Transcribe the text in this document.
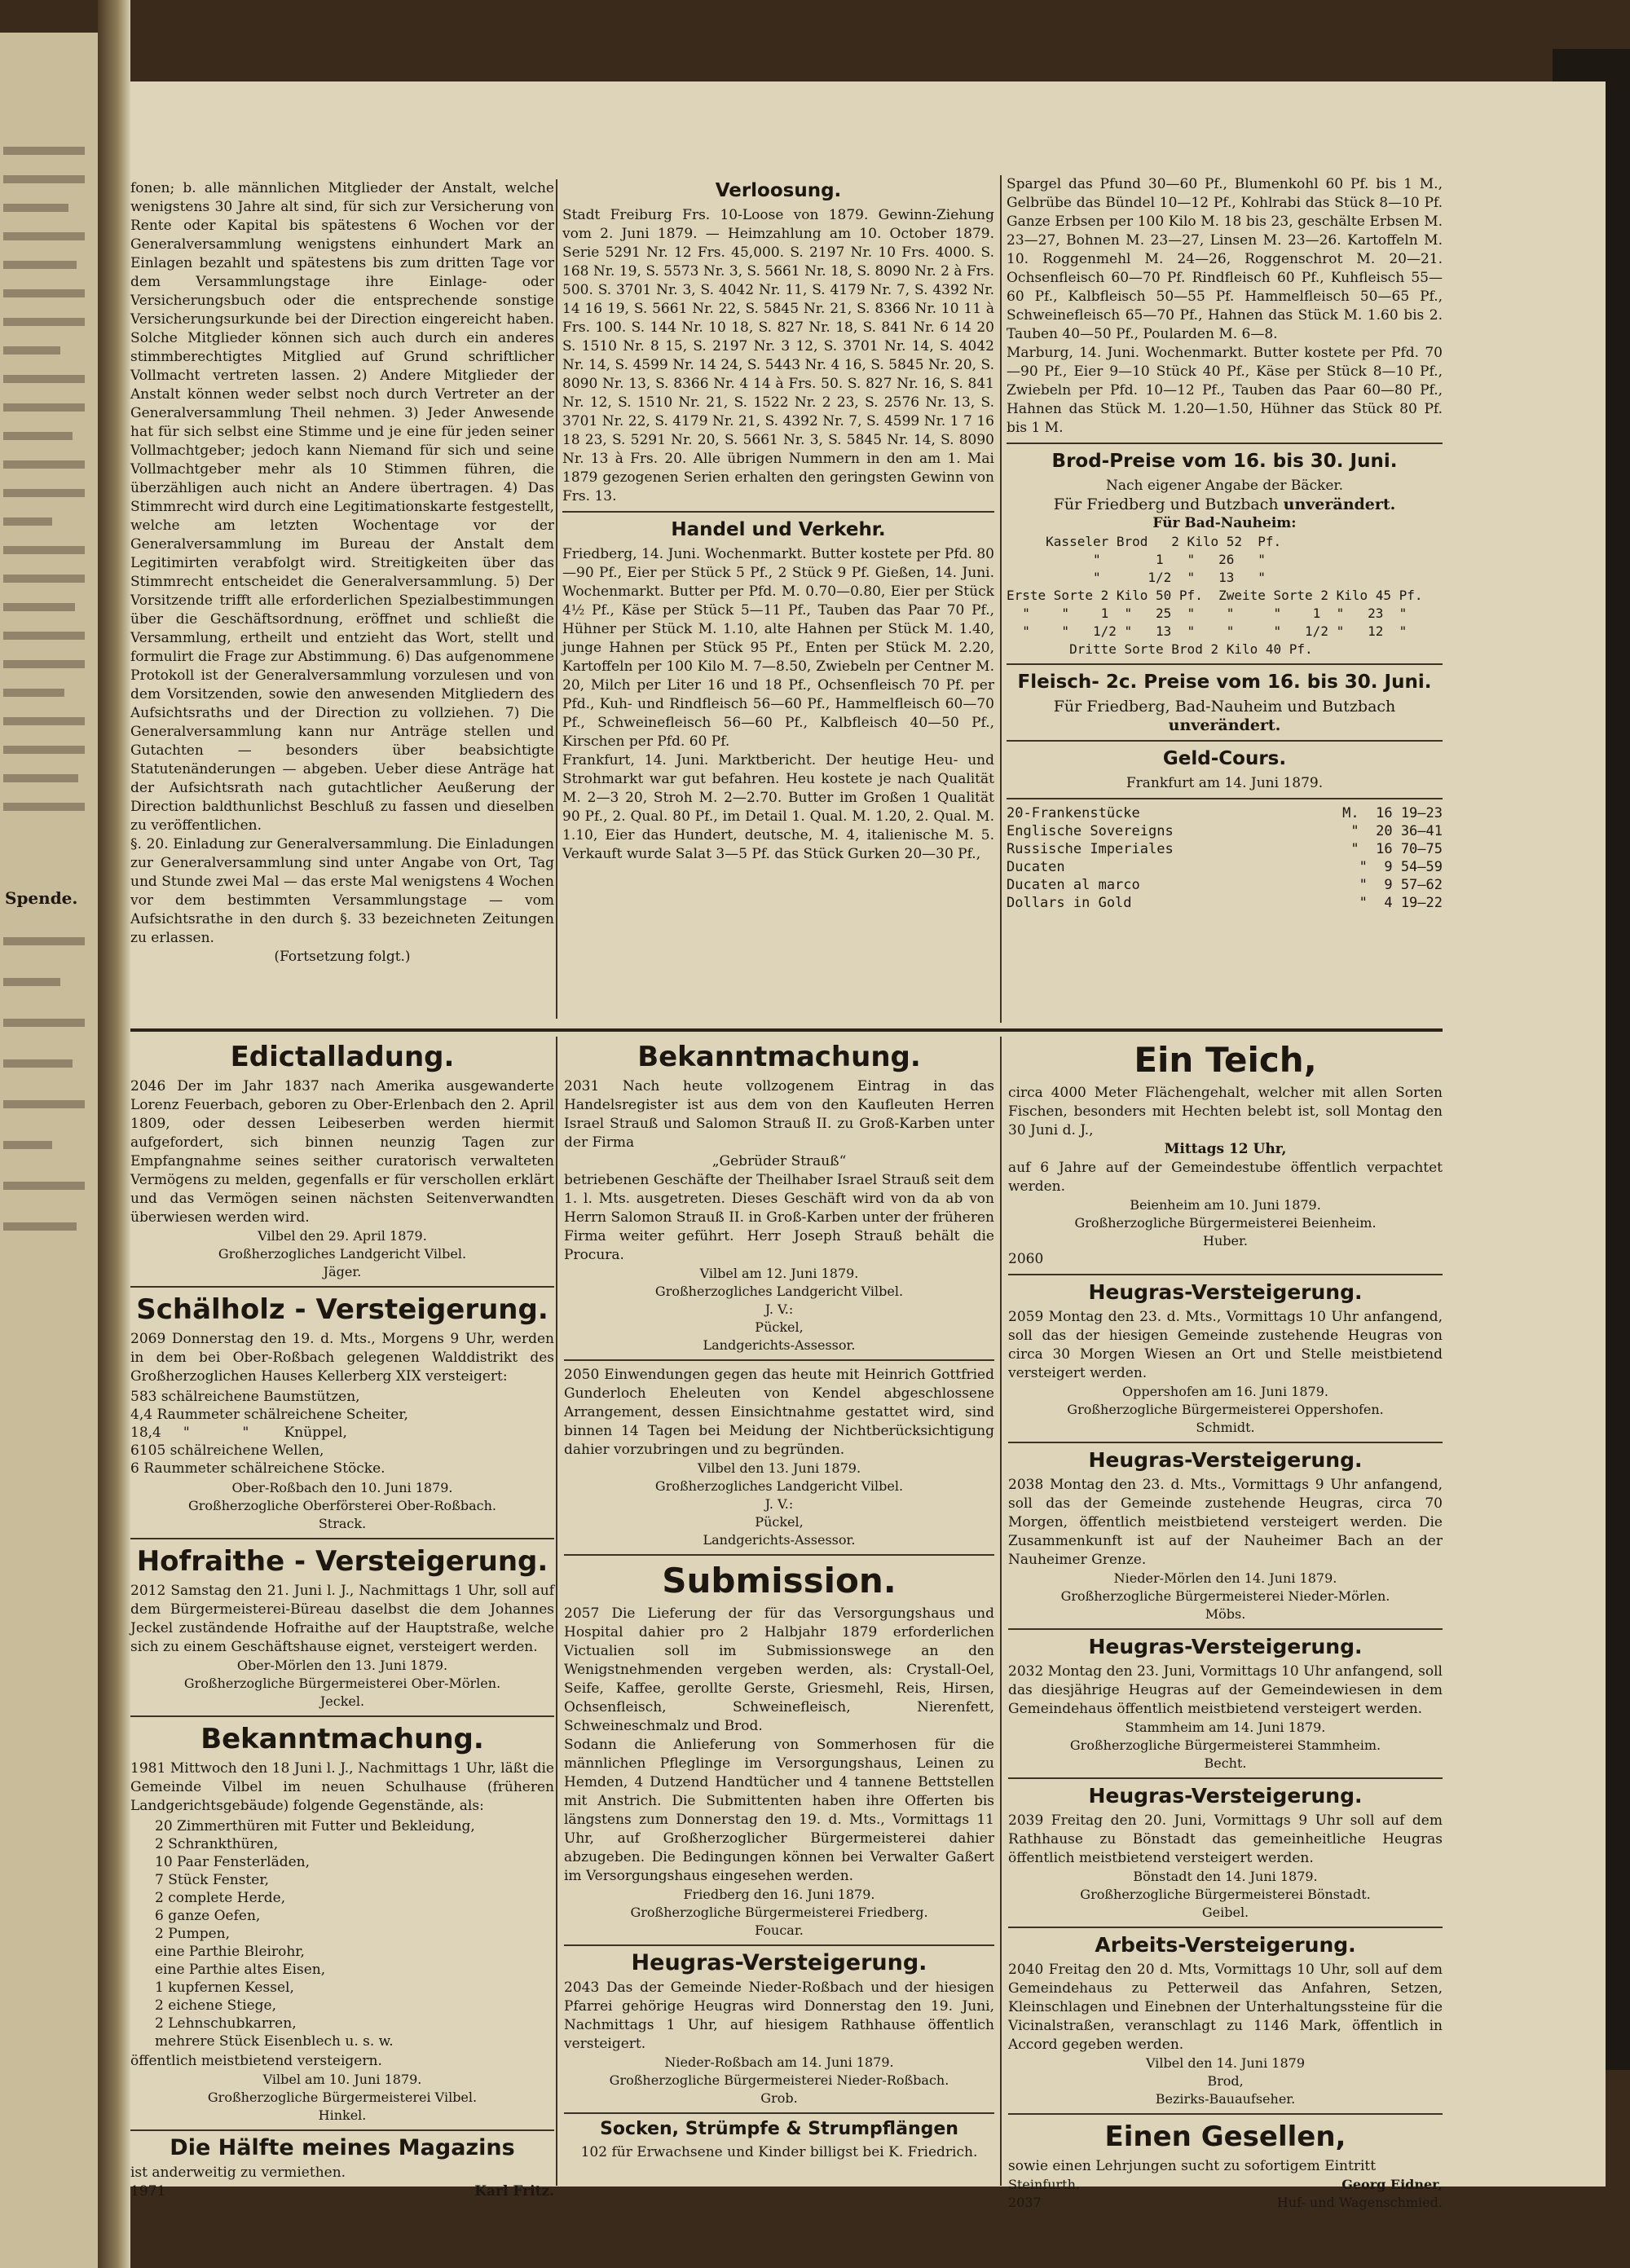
Spende.

fonen; b. alle männlichen Mitglieder der Anstalt, welche wenigstens 30 Jahre alt sind, für sich zur Versicherung von Rente oder Kapital bis spätestens 6 Wochen vor der Generalversammlung wenigstens einhundert Mark an Einlagen bezahlt und spätestens bis zum dritten Tage vor dem Versammlungstage ihre Einlage- oder Versicherungsbuch oder die entsprechende sonstige Versicherungsurkunde bei der Direction eingereicht haben. Solche Mitglieder können sich auch durch ein anderes stimmberechtigtes Mitglied auf Grund schriftlicher Vollmacht vertreten lassen. 2) Andere Mitglieder der Anstalt können weder selbst noch durch Vertreter an der Generalversammlung Theil nehmen. 3) Jeder Anwesende hat für sich selbst eine Stimme und je eine für jeden seiner Vollmachtgeber; jedoch kann Niemand für sich und seine Vollmachtgeber mehr als 10 Stimmen führen, die überzähligen auch nicht an Andere übertragen. 4) Das Stimmrecht wird durch eine Legitimationskarte festgestellt, welche am letzten Wochentage vor der Generalversammlung im Bureau der Anstalt dem Legitimirten verabfolgt wird. Streitigkeiten über das Stimmrecht entscheidet die Generalversammlung. 5) Der Vorsitzende trifft alle erforderlichen Spezialbestimmungen über die Geschäftsordnung, eröffnet und schließt die Versammlung, ertheilt und entzieht das Wort, stellt und formulirt die Frage zur Abstimmung. 6) Das aufgenommene Protokoll ist der Generalversammlung vorzulesen und von dem Vorsitzenden, sowie den anwesenden Mitgliedern des Aufsichtsraths und der Direction zu vollziehen. 7) Die Generalversammlung kann nur Anträge stellen und Gutachten — besonders über beabsichtigte Statutenänderungen — abgeben. Ueber diese Anträge hat der Aufsichtsrath nach gutachtlicher Aeußerung der Direction baldthunlichst Beschluß zu fassen und dieselben zu veröffentlichen.

§. 20. Einladung zur Generalversammlung. Die Einladungen zur Generalversammlung sind unter Angabe von Ort, Tag und Stunde zwei Mal — das erste Mal wenigstens 4 Wochen vor dem bestimmten Versammlungstage — vom Aufsichtsrathe in den durch §. 33 bezeichneten Zeitungen zu erlassen.

(Fortsetzung folgt.)

Verloosung.

Stadt Freiburg Frs. 10-Loose von 1879. Gewinn-Ziehung vom 2. Juni 1879. — Heimzahlung am 10. October 1879. Serie 5291 Nr. 12 Frs. 45,000. S. 2197 Nr. 10 Frs. 4000. S. 168 Nr. 19, S. 5573 Nr. 3, S. 5661 Nr. 18, S. 8090 Nr. 2 à Frs. 500. S. 3701 Nr. 3, S. 4042 Nr. 11, S. 4179 Nr. 7, S. 4392 Nr. 14 16 19, S. 5661 Nr. 22, S. 5845 Nr. 21, S. 8366 Nr. 10 11 à Frs. 100. S. 144 Nr. 10 18, S. 827 Nr. 18, S. 841 Nr. 6 14 20 S. 1510 Nr. 8 15, S. 2197 Nr. 3 12, S. 3701 Nr. 14, S. 4042 Nr. 14, S. 4599 Nr. 14 24, S. 5443 Nr. 4 16, S. 5845 Nr. 20, S. 8090 Nr. 13, S. 8366 Nr. 4 14 à Frs. 50. S. 827 Nr. 16, S. 841 Nr. 12, S. 1510 Nr. 21, S. 1522 Nr. 2 23, S. 2576 Nr. 13, S. 3701 Nr. 22, S. 4179 Nr. 21, S. 4392 Nr. 7, S. 4599 Nr. 1 7 16 18 23, S. 5291 Nr. 20, S. 5661 Nr. 3, S. 5845 Nr. 14, S. 8090 Nr. 13 à Frs. 20. Alle übrigen Nummern in den am 1. Mai 1879 gezogenen Serien erhalten den geringsten Gewinn von Frs. 13.

Handel und Verkehr.

Friedberg, 14. Juni. Wochenmarkt. Butter kostete per Pfd. 80—90 Pf., Eier per Stück 5 Pf., 2 Stück 9 Pf. Gießen, 14. Juni. Wochenmarkt. Butter per Pfd. M. 0.70—0.80, Eier per Stück 4½ Pf., Käse per Stück 5—11 Pf., Tauben das Paar 70 Pf., Hühner per Stück M. 1.10, alte Hahnen per Stück M. 1.40, junge Hahnen per Stück 95 Pf., Enten per Stück M. 2.20, Kartoffeln per 100 Kilo M. 7—8.50, Zwiebeln per Centner M. 20, Milch per Liter 16 und 18 Pf., Ochsenfleisch 70 Pf. per Pfd., Kuh- und Rindfleisch 56—60 Pf., Hammelfleisch 60—70 Pf., Schweinefleisch 56—60 Pf., Kalbfleisch 40—50 Pf., Kirschen per Pfd. 60 Pf.

Frankfurt, 14. Juni. Marktbericht. Der heutige Heu- und Strohmarkt war gut befahren. Heu kostete je nach Qualität M. 2—3 20, Stroh M. 2—2.70. Butter im Großen 1 Qualität 90 Pf., 2. Qual. 80 Pf., im Detail 1. Qual. M. 1.20, 2. Qual. M. 1.10, Eier das Hundert, deutsche, M. 4, italienische M. 5. Verkauft wurde Salat 3—5 Pf. das Stück Gurken 20—30 Pf.,

Spargel das Pfund 30—60 Pf., Blumenkohl 60 Pf. bis 1 M., Gelbrübe das Bündel 10—12 Pf., Kohlrabi das Stück 8—10 Pf. Ganze Erbsen per 100 Kilo M. 18 bis 23, geschälte Erbsen M. 23—27, Bohnen M. 23—27, Linsen M. 23—26. Kartoffeln M. 10. Roggenmehl M. 24—26, Roggenschrot M. 20—21. Ochsenfleisch 60—70 Pf. Rindfleisch 60 Pf., Kuhfleisch 55—60 Pf., Kalbfleisch 50—55 Pf. Hammelfleisch 50—65 Pf., Schweinefleisch 65—70 Pf., Hahnen das Stück M. 1.60 bis 2. Tauben 40—50 Pf., Poularden M. 6—8.

Marburg, 14. Juni. Wochenmarkt. Butter kostete per Pfd. 70—90 Pf., Eier 9—10 Stück 40 Pf., Käse per Stück 8—10 Pf., Zwiebeln per Pfd. 10—12 Pf., Tauben das Paar 60—80 Pf., Hahnen das Stück M. 1.20—1.50, Hühner das Stück 80 Pf. bis 1 M.

Brod-Preise vom 16. bis 30. Juni.

Nach eigener Angabe der Bäcker.

Für Friedberg und Butzbach unverändert.

Für Bad-Nauheim:

Kasseler Brod   2 Kilo 52  Pf.
"       1   "   26   "
"      1/2  "   13   "
Erste Sorte 2 Kilo 50 Pf.  Zweite Sorte 2 Kilo 45 Pf.
"    "    1  "   25  "    "     "    1  "   23  "
"    "   1/2 "   13  "    "     "   1/2 "   12  "
Dritte Sorte Brod 2 Kilo 40 Pf.
Fleisch- 2c. Preise vom 16. bis 30. Juni.

Für Friedberg, Bad-Nauheim und Butzbach

unverändert.

Geld-Cours.

Frankfurt am 14. Juni 1879.

20-Frankenstücke	M. 16 19—23
Englische Sovereigns	" 20 36—41
Russische Imperiales	" 16 70—75
Ducaten	" 9 54—59
Ducaten al marco	" 9 57—62
Dollars in Gold	" 4 19—22
Edictalladung.

2046 Der im Jahr 1837 nach Amerika ausgewanderte Lorenz Feuerbach, geboren zu Ober-Erlenbach den 2. April 1809, oder dessen Leibeserben werden hiermit aufgefordert, sich binnen neunzig Tagen zur Empfangnahme seines seither curatorisch verwalteten Vermögens zu melden, gegenfalls er für verschollen erklärt und das Vermögen seinen nächsten Seitenverwandten überwiesen werden wird.

Vilbel den 29. April 1879.

Großherzogliches Landgericht Vilbel.

Jäger.

Schälholz - Versteigerung.

2069 Donnerstag den 19. d. Mts., Morgens 9 Uhr, werden in dem bei Ober-Roßbach gelegenen Walddistrikt des Großherzoglichen Hauses Kellerberg XIX versteigert:

583 schälreichene Baumstützen,
4,4 Raummeter schälreichene Scheiter,
18,4     "            "        Knüppel,
6105 schälreichene Wellen,
6 Raummeter schälreichene Stöcke.

Ober-Roßbach den 10. Juni 1879.

Großherzogliche Oberförsterei Ober-Roßbach.

Strack.

Hofraithe - Versteigerung.

2012 Samstag den 21. Juni l. J., Nachmittags 1 Uhr, soll auf dem Bürgermeisterei-Büreau daselbst die dem Johannes Jeckel zuständende Hofraithe auf der Hauptstraße, welche sich zu einem Geschäftshause eignet, versteigert werden.

Ober-Mörlen den 13. Juni 1879.

Großherzogliche Bürgermeisterei Ober-Mörlen.

Jeckel.

Bekanntmachung.

1981 Mittwoch den 18 Juni l. J., Nachmittags 1 Uhr, läßt die Gemeinde Vilbel im neuen Schulhause (früheren Landgerichtsgebäude) folgende Gegenstände, als:

20 Zimmerthüren mit Futter und Bekleidung,
2 Schrankthüren,
10 Paar Fensterläden,
7 Stück Fenster,
2 complete Herde,
6 ganze Oefen,
2 Pumpen,
eine Parthie Bleirohr,
eine Parthie altes Eisen,
1 kupfernen Kessel,
2 eichene Stiege,
2 Lehnschubkarren,
mehrere Stück Eisenblech u. s. w.

öffentlich meistbietend versteigern.

Vilbel am 10. Juni 1879.

Großherzogliche Bürgermeisterei Vilbel.

Hinkel.

Die Hälfte meines Magazins

ist anderweitig zu vermiethen.

1971	Karl Fritz.
Bekanntmachung.

2031 Nach heute vollzogenem Eintrag in das Handelsregister ist aus dem von den Kaufleuten Herren Israel Strauß und Salomon Strauß II. zu Groß-Karben unter der Firma

„Gebrüder Strauß“

betriebenen Geschäfte der Theilhaber Israel Strauß seit dem 1. l. Mts. ausgetreten. Dieses Geschäft wird von da ab von Herrn Salomon Strauß II. in Groß-Karben unter der früheren Firma weiter geführt. Herr Joseph Strauß behält die Procura.

Vilbel am 12. Juni 1879.

Großherzogliches Landgericht Vilbel.

J. V.:

Pückel,

Landgerichts-Assessor.

2050 Einwendungen gegen das heute mit Heinrich Gottfried Gunderloch Eheleuten von Kendel abgeschlossene Arrangement, dessen Einsichtnahme gestattet wird, sind binnen 14 Tagen bei Meidung der Nichtberücksichtigung dahier vorzubringen und zu begründen.

Vilbel den 13. Juni 1879.

Großherzogliches Landgericht Vilbel.

J. V.:

Pückel,

Landgerichts-Assessor.

Submission.

2057 Die Lieferung der für das Versorgungshaus und Hospital dahier pro 2 Halbjahr 1879 erforderlichen Victualien soll im Submissionswege an den Wenigstnehmenden vergeben werden, als: Crystall-Oel, Seife, Kaffee, gerollte Gerste, Griesmehl, Reis, Hirsen, Ochsenfleisch, Schweinefleisch, Nierenfett, Schweineschmalz und Brod.

Sodann die Anlieferung von Sommerhosen für die männlichen Pfleglinge im Versorgungshaus, Leinen zu Hemden, 4 Dutzend Handtücher und 4 tannene Bettstellen mit Anstrich. Die Submittenten haben ihre Offerten bis längstens zum Donnerstag den 19. d. Mts., Vormittags 11 Uhr, auf Großherzoglicher Bürgermeisterei dahier abzugeben. Die Bedingungen können bei Verwalter Gaßert im Versorgungshaus eingesehen werden.

Friedberg den 16. Juni 1879.

Großherzogliche Bürgermeisterei Friedberg.

Foucar.

Heugras-Versteigerung.

2043 Das der Gemeinde Nieder-Roßbach und der hiesigen Pfarrei gehörige Heugras wird Donnerstag den 19. Juni, Nachmittags 1 Uhr, auf hiesigem Rathhause öffentlich versteigert.

Nieder-Roßbach am 14. Juni 1879.

Großherzogliche Bürgermeisterei Nieder-Roßbach.

Grob.

Socken, Strümpfe & Strumpflängen

102 für Erwachsene und Kinder billigst bei K. Friedrich.

Ein Teich,

circa 4000 Meter Flächengehalt, welcher mit allen Sorten Fischen, besonders mit Hechten belebt ist, soll Montag den 30 Juni d. J.,

Mittags 12 Uhr,

auf 6 Jahre auf der Gemeindestube öffentlich verpachtet werden.

Beienheim am 10. Juni 1879.

Großherzogliche Bürgermeisterei Beienheim.

Huber.

2060

Heugras-Versteigerung.

2059 Montag den 23. d. Mts., Vormittags 10 Uhr anfangend, soll das der hiesigen Gemeinde zustehende Heugras von circa 30 Morgen Wiesen an Ort und Stelle meistbietend versteigert werden.

Oppershofen am 16. Juni 1879.

Großherzogliche Bürgermeisterei Oppershofen.

Schmidt.

Heugras-Versteigerung.

2038 Montag den 23. d. Mts., Vormittags 9 Uhr anfangend, soll das der Gemeinde zustehende Heugras, circa 70 Morgen, öffentlich meistbietend versteigert werden. Die Zusammenkunft ist auf der Nauheimer Bach an der Nauheimer Grenze.

Nieder-Mörlen den 14. Juni 1879.

Großherzogliche Bürgermeisterei Nieder-Mörlen.

Möbs.

Heugras-Versteigerung.

2032 Montag den 23. Juni, Vormittags 10 Uhr anfangend, soll das diesjährige Heugras auf der Gemeindewiesen in dem Gemeindehaus öffentlich meistbietend versteigert werden.

Stammheim am 14. Juni 1879.

Großherzogliche Bürgermeisterei Stammheim.

Becht.

Heugras-Versteigerung.

2039 Freitag den 20. Juni, Vormittags 9 Uhr soll auf dem Rathhause zu Bönstadt das gemeinheitliche Heugras öffentlich meistbietend versteigert werden.

Bönstadt den 14. Juni 1879.

Großherzogliche Bürgermeisterei Bönstadt.

Geibel.

Arbeits-Versteigerung.

2040 Freitag den 20 d. Mts, Vormittags 10 Uhr, soll auf dem Gemeindehaus zu Petterweil das Anfahren, Setzen, Kleinschlagen und Einebnen der Unterhaltungssteine für die Vicinalstraßen, veranschlagt zu 1146 Mark, öffentlich in Accord gegeben werden.

Vilbel den 14. Juni 1879

Brod,

Bezirks-Bauaufseher.

Einen Gesellen,

sowie einen Lehrjungen sucht zu sofortigem Eintritt

Steinfurth.	Georg Eidner,
2037	Huf- und Wagenschmied.
